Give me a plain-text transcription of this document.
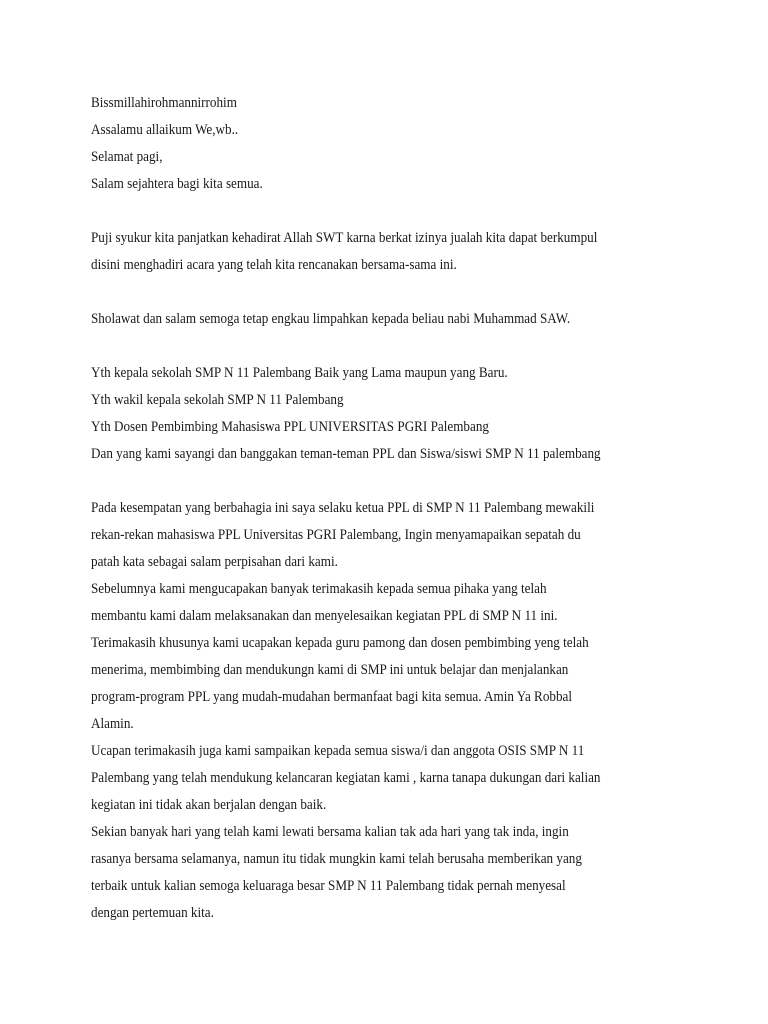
Bissmillahirohmannirrohim
Assalamu allaikum We,wb..
Selamat pagi,
Salam sejahtera bagi kita semua.
Puji syukur kita panjatkan kehadirat Allah SWT karna berkat izinya jualah kita dapat berkumpul
disini menghadiri acara yang telah kita rencanakan bersama-sama ini.
Sholawat dan salam semoga tetap engkau limpahkan kepada beliau nabi Muhammad SAW.
Yth kepala sekolah SMP N 11 Palembang Baik yang Lama maupun yang Baru.
Yth wakil kepala sekolah SMP N 11 Palembang
Yth Dosen Pembimbing Mahasiswa PPL UNIVERSITAS PGRI Palembang
Dan yang kami sayangi dan banggakan teman-teman PPL dan Siswa/siswi SMP N 11 palembang
Pada kesempatan yang berbahagia ini saya selaku ketua PPL di SMP N 11 Palembang mewakili
rekan-rekan mahasiswa PPL Universitas PGRI Palembang, Ingin menyamapaikan sepatah du
patah kata sebagai salam perpisahan dari kami.
Sebelumnya kami mengucapakan banyak terimakasih kepada semua pihaka yang telah
membantu kami dalam melaksanakan dan menyelesaikan kegiatan PPL di SMP N 11 ini.
Terimakasih khusunya kami ucapakan kepada guru pamong dan dosen pembimbing yeng telah
menerima, membimbing dan mendukungn kami di SMP ini untuk belajar dan menjalankan
program-program PPL yang mudah-mudahan bermanfaat bagi kita semua. Amin Ya Robbal
Alamin.
Ucapan terimakasih juga kami sampaikan kepada semua siswa/i dan anggota OSIS SMP N 11
Palembang yang telah mendukung kelancaran kegiatan kami , karna tanapa dukungan dari kalian
kegiatan ini tidak akan berjalan dengan baik.
Sekian banyak hari yang telah kami lewati bersama kalian tak ada hari yang tak inda, ingin
rasanya bersama selamanya, namun itu tidak mungkin kami telah berusaha memberikan yang
terbaik untuk kalian semoga keluaraga besar SMP N 11 Palembang tidak pernah menyesal
dengan pertemuan kita.
